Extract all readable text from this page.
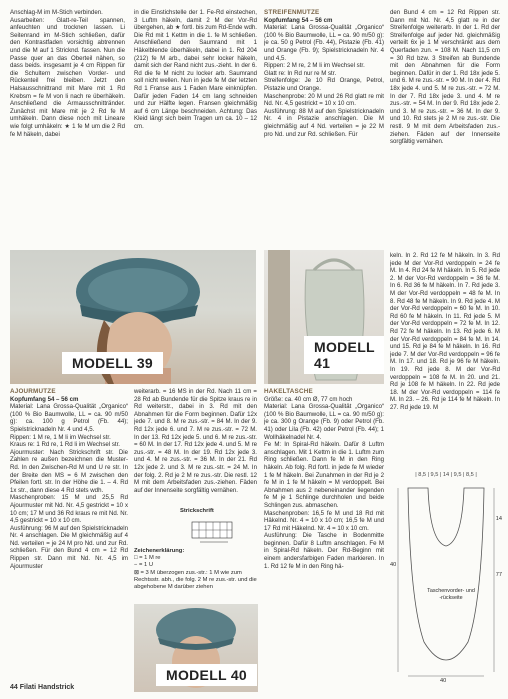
Anschlag-M im M-Stich verbinden.

Ausarbeiten: Glatt-re-Teil spannen, anfeuchten und trocknen lassen. Li Seitenrand im M-Stich schließen, dafür den Kontrastfaden vorsichtig abtrennen und die M auf 1 Stricknd. fassen. Nun die Passe quer an das Oberteil nähen, so dass beids. insgesamt je 4 cm Rippen für die Schultern zwischen Vorder- und Rückenteil frei bleiben. Jetzt den Halsausschnittrand mit Mare mit 1 Rd Krebsm = fe M von li nach re überhäkeln. Anschließend die Armausschnittränder. Zunächst mit Mare mit je 2 Rd fe M umhäkeln. Dann diese noch mit Lineare wie folgt umhäkeln: ★ 1 fe M um die 2 Rd fe M häkeln, dabei

in die Einstichstelle der 1. Fe-Rd einstechen, 3 Luftm häkeln, damit 2 M der Vor-Rd übergehen, ab ★ fortl. bis zum Rd-Ende wdh. Die Rd mit 1 Kettm in die 1. fe M schließen. Anschließend den Saumrand mit 1 Häkelblende überhäkeln, dabei in 1. Rd 204 (212) fe M arb., dabei sehr locker häkeln, damit sich der Rand nicht zus.-zieht. In der 6. Rd die fe M nicht zu locker arb. Saumrand soll nicht wellen. Nun in jede fe M der letzten Rd 1 Franse aus 1 Faden Mare einknüpfen. Dafür jeden Faden 14 cm lang schneiden und zur Hälfte legen. Fransen gleichmäßig auf 6 cm Länge beschneiden. Achtung: Das Kleid längt sich beim Tragen um ca. 10 – 12 cm.

STREIFENMÜTZE

Kopfumfang 54 – 56 cm

Material: Lana Grossa-Qualität „Organico“ (100 % Bio Baumwolle, LL = ca. 90 m/50 g): je ca. 50 g Petrol (Fb. 44), Pistazie (Fb. 41) und Orange (Fb. 9); Spielstricknadeln Nr. 4 und 4,5.

Rippen: 2 M re, 2 M li im Wechsel str.

Glatt re: In Rd nur re M str.

Streifenfolge: Je 10 Rd Orange, Petrol, Pistazie und Orange.

Maschenprobe: 20 M und 26 Rd glatt re mit Nd. Nr. 4,5 gestrickt = 10 x 10 cm.

Ausführung: 88 M auf den Spielstricknadeln Nr. 4 in Pistazie anschlagen. Die M gleichmäßig auf 4 Nd. verteilen = je 22 M pro Nd. und zur Rd. schließen. Für

den Bund 4 cm = 12 Rd Rippen str. Dann mit Nd. Nr. 4,5 glatt re in der Streifenfolge weiterarb. In der 1. Rd der Streifenfolge auf jeder Nd. gleichmäßig verteilt 6x je 1 M verschränkt aus dem Querfaden zun. = 108 M. Nach 11,5 cm = 30 Rd bzw. 3 Streifen ab Bundende mit den Abnahmen für die Form beginnen. Dafür in der 1. Rd 18x jede 5. und 6. M re zus.-str. = 90 M. In der 4. Rd 18x jede 4. und 5. M re zus.-str. = 72 M. In der 7. Rd 18x jede 3. und 4. M re zus.-str. = 54 M. In der 9. Rd 18x jede 2. und 3. M re zus.-str. = 36 M. In der 9. und 10. Rd stets je 2 M re zus.-str. Die restl. 9 M mit dem Arbeitsfaden zus.-ziehen. Fäden auf der Innenseite sorgfältig vernähen.

MODELL 39
MODELL 41

AJOURMÜTZE

Kopfumfang 54 – 56 cm

Material: Lana Grossa-Qualität „Organico“ (100 % Bio Baumwolle, LL = ca. 90 m/50 g): ca. 100 g Petrol (Fb. 44); Spielstricknadeln Nr. 4 und 4,5.

Rippen: 1 M re, 1 M li im Wechsel str.

Kraus re: 1 Rd re, 1 Rd li im Wechsel str.

Ajourmuster: Nach Strickschrift str. Die Zahlen re außen bezeichnen die Muster-Rd. In den Zwischen-Rd M und U re str. In der Breite den MS = 6 M zwischen den Pfeilen fortl. str. In der Höhe die 1. – 4. Rd 1x str., dann diese 4 Rd stets wdh.

Maschenproben: 15 M und 25,5 Rd Ajourmuster mit Nd. Nr. 4,5 gestrickt = 10 x 10 cm; 17 M und 36 Rd kraus re mit Nd. Nr. 4,5 gestrickt = 10 x 10 cm.

Ausführung: 96 M auf den Spielstricknadeln Nr. 4 anschlagen. Die M gleichmäßig auf 4 Nd. verteilen = je 24 M pro Nd. und zur Rd. schließen. Für den Bund 4 cm = 12 Rd Rippen str. Dann mit Nd. Nr. 4,5 im Ajourmuster

weiterarb. = 16 MS in der Rd. Nach 11 cm = 28 Rd ab Bundende für die Spitze kraus re in Rd weiterstr., dabei in 3. Rd mit den Abnahmen für die Form beginnen. Dafür 12x jede 7. und 8. M re zus.-str. = 84 M. In der 9. Rd 12x jede 6. und 7. M re zus.-str. = 72 M. In der 13. Rd 12x jede 5. und 6. M re zus.-str. = 60 M. In der 17. Rd 12x jede 4. und 5. M re zus.-str. = 48 M. In der 19. Rd 12x jede 3. und 4. M re zus.-str. = 36 M. In der 21. Rd 12x jede 2. und 3. M re zus.-str. = 24 M. In der folg. 2. Rd je 2 M re zus.-str. Die restl. 12 M mit dem Arbeitsfaden zus.-ziehen. Fäden auf der Innenseite sorgfältig vernähen.

Strickschrift
Zeichenerklärung:
□ = 1 M re
− = 1 U
⊠ = 3 M überzogen zus.-str.: 1 M wie zum Rechtsstr. abh., die folg. 2 M re zus.-str. und die abgehobene M darüber ziehen
MODELL 40

HÄKELTASCHE

Größe: ca. 40 cm Ø, 77 cm hoch

Material: Lana Grossa-Qualität „Organico“ (100 % Bio Baumwolle, LL = ca. 90 m/50 g): je ca. 300 g Orange (Fb. 9) oder Petrol (Fb. 41) oder Lila (Fb. 42) oder Petrol (Fb. 44); 1 Wollhäkelnadel Nr. 4.

Fe M: In Spiral-Rd häkeln. Dafür 8 Luftm anschlagen. Mit 1 Kettm in die 1. Luftm zum Ring schließen. Dann fe M in den Ring häkeln. Ab folg. Rd fortl. in jede fe M wieder 1 fe M häkeln. Bei Zunahmen in der Rd je 2 fe M in 1 fe M häkeln = M verdoppelt. Bei Abnahmen aus 2 nebeneinander liegenden fe M je 1 Schlinge durchholen und beide Schlingen zus. abmaschen.

Maschenproben: 16,5 fe M und 18 Rd mit Häkelnd. Nr. 4 = 10 x 10 cm; 16,5 fe M und 17 Rd mit Häkelnd. Nr. 4 = 10 x 10 cm.

Ausführung: Die Tasche in Bodenmitte beginnen. Dafür 8 Luftm anschlagen. Fe M in Spiral-Rd häkeln. Der Rd-Beginn mit einem andersfarbigen Faden markieren. In 1. Rd 12 fe M in den Ring hä-

keln. In 2. Rd 12 fe M häkeln. In 3. Rd jede M der Vor-Rd verdoppeln = 24 fe M. In 4. Rd 24 fe M häkeln. In 5. Rd jede 2. M der Vor-Rd verdoppeln = 36 fe M. In 6. Rd 36 fe M häkeln. In 7. Rd jede 3. M der Vor-Rd verdoppeln = 48 fe M. In 8. Rd 48 fe M häkeln. In 9. Rd jede 4. M der Vor-Rd verdoppeln = 60 fe M. In 10. Rd 60 fe M häkeln. In 11. Rd jede 5. M der Vor-Rd verdoppeln = 72 fe M. In 12. Rd 72 fe M häkeln. In 13. Rd jede 6. M der Vor-Rd verdoppeln = 84 fe M. In 14. und 15. Rd je 84 fe M häkeln. In 16. Rd jede 7. M der Vor-Rd verdoppeln = 96 fe M. In 17. und 18. Rd je 96 fe M häkeln. In 19. Rd jede 8. M der Vor-Rd verdoppeln = 108 fe M. In 20. und 21. Rd je 108 fe M häkeln. In 22. Rd jede 18. M der Vor-Rd verdoppeln = 114 fe M. In 23. – 26. Rd je 114 fe M häkeln. In 27. Rd jede 19. M

| 8,5 | 9,5 | 14 | 9,5 | 8,5 |
40
77
14
Taschenvorder- und -rückseite
40
44 Filati Handstrick
